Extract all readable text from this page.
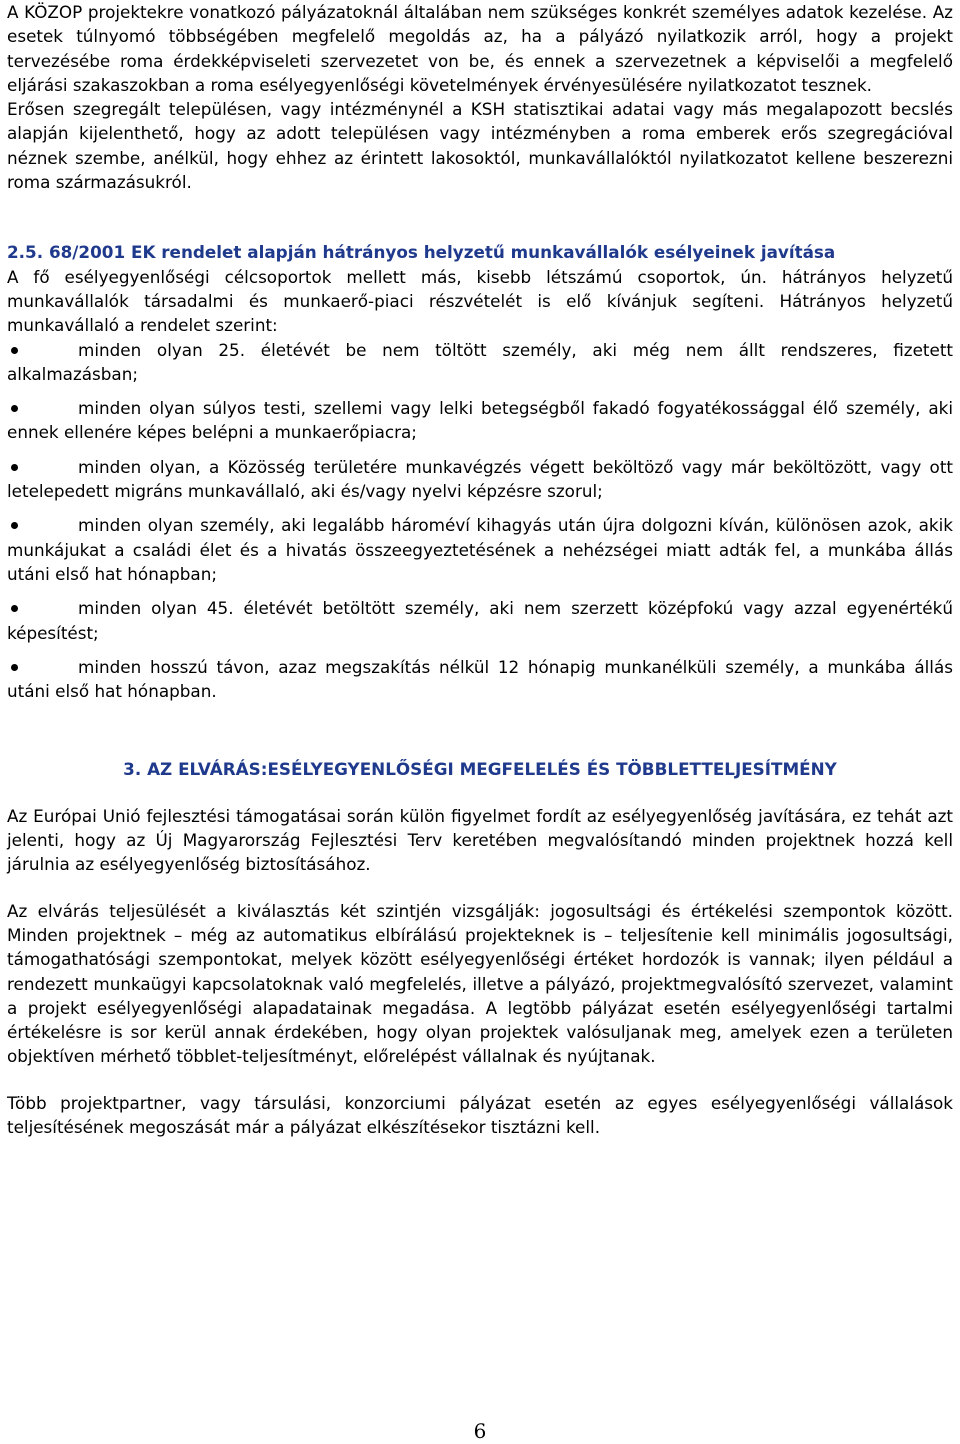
A KÖZOP projektekre vonatkozó pályázatoknál általában nem szükséges konkrét személyes adatok kezelése. Az esetek túlnyomó többségében megfelelő megoldás az, ha a pályázó nyilatkozik arról, hogy a projekt tervezésébe roma érdekképviseleti szervezetet von be, és ennek a szervezetnek a képviselői a megfelelő eljárási szakaszokban a roma esélyegyenlőségi követelmények érvényesülésére nyilatkozatot tesznek.

Erősen szegregált településen, vagy intézménynél a KSH statisztikai adatai vagy más megalapozott becslés alapján kijelenthető, hogy az adott településen vagy intézményben a roma emberek erős szegregációval néznek szembe, anélkül, hogy ehhez az érintett lakosoktól, munkavállalóktól nyilatkozatot kellene beszerezni roma származásukról.

2.5. 68/2001 EK rendelet alapján hátrányos helyzetű munkavállalók esélyeinek javítása

A fő esélyegyenlőségi célcsoportok mellett más, kisebb létszámú csoportok, ún. hátrányos helyzetű munkavállalók társadalmi és munkaerő-piaci részvételét is elő kívánjuk segíteni. Hátrányos helyzetű munkavállaló a rendelet szerint:

minden olyan 25. életévét be nem töltött személy, aki még nem állt rendszeres, fizetett alkalmazásban;
minden olyan súlyos testi, szellemi vagy lelki betegségből fakadó fogyatékossággal élő személy, aki ennek ellenére képes belépni a munkaerőpiacra;
minden olyan, a Közösség területére munkavégzés végett beköltöző vagy már beköltözött, vagy ott letelepedett migráns munkavállaló, aki és/vagy nyelvi képzésre szorul;
minden olyan személy, aki legalább hároméví kihagyás után újra dolgozni kíván, különösen azok, akik munkájukat a családi élet és a hivatás összeegyeztetésének a nehézségei miatt adták fel, a munkába állás utáni első hat hónapban;
minden olyan 45. életévét betöltött személy, aki nem szerzett középfokú vagy azzal egyenértékű képesítést;
minden hosszú távon, azaz megszakítás nélkül 12 hónapig munkanélküli személy, a munkába állás utáni első hat hónapban.

3. AZ ELVÁRÁS:ESÉLYEGYENLŐSÉGI MEGFELELÉS ÉS TÖBBLETTELJESÍTMÉNY

Az Európai Unió fejlesztési támogatásai során külön figyelmet fordít az esélyegyenlőség javítására, ez tehát azt jelenti, hogy az Új Magyarország Fejlesztési Terv keretében megvalósítandó minden projektnek hozzá kell járulnia az esélyegyenlőség biztosításához.

Az elvárás teljesülését a kiválasztás két szintjén vizsgálják: jogosultsági és értékelési szempontok között. Minden projektnek – még az automatikus elbírálású projekteknek is – teljesítenie kell minimális jogosultsági, támogathatósági szempontokat, melyek között esélyegyenlőségi értéket hordozók is vannak; ilyen például a rendezett munkaügyi kapcsolatoknak való megfelelés, illetve a pályázó, projektmegvalósító szervezet, valamint a projekt esélyegyenlőségi alapadatainak megadása. A legtöbb pályázat esetén esélyegyenlőségi tartalmi értékelésre is sor kerül annak érdekében, hogy olyan projektek valósuljanak meg, amelyek ezen a területen objektíven mérhető többlet-teljesítményt, előrelépést vállalnak és nyújtanak.

Több projektpartner, vagy társulási, konzorciumi pályázat esetén az egyes esélyegyenlőségi vállalások teljesítésének megoszását már a pályázat elkészítésekor tisztázni kell.

6
